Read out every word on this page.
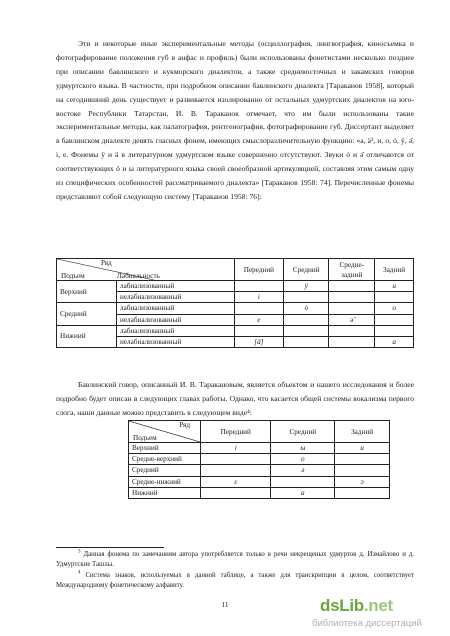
Эти и некоторые иные экспериментальные методы (осциллография, лингвография, киносъемка и фотографирование положения губ в анфас и профиль) были использованы фонетистами несколько позднее при описании бавлинского и кукморского диалектов, а также средневосточных и закамских говоров удмуртского языка. В частности, при подробном описании бавлинского диалекта [Тараканов 1958], который на сегодняшний день существует и развивается изолированно от остальных удмуртских диалектов на юго-востоке Республики Татарстан, И. В. Тараканов отмечает, что им были использованы такие экспериментальные методы, как палатография, рентгенография, фотографирование губ. Диссертант выделяет в бавлинском диалекте девять гласных фонем, имеющих смыслоразличительную функцию: «а, ӓ³, и, о, ȯ, ӱ, ə̂, і, е. Фонемы ӱ и ӓ в литературном удмуртском языке совершенно отсутствуют. Звуки ȯ и ə̂ отличаются от соответствующих ö и ы литературного языка своей своеобразной артикуляцией, составляя этим самым одну из специфических особенностей рассматриваемого диалекта» [Тараканов 1958: 74]. Перечисленные фонемы представляют собой следующую систему [Тараканов 1958: 76]:

Ряд
Подъем Лабиальность		Передний	Средний	Средне-
задний	Задний
Верхний	лабиализованный		ӱ		u
	нелабиализованный	i			
Средний	лабиализованный		ȯ		o
	нелабиализованный	e		ə̂	
Нижний	лабиализованный				
	нелабиализованный	[ӓ]			a

Бавлинский говор, описанный И. В. Таракановым, является объектом и нашего исследования и более подробно будет описан в следующих главах работы. Однако, что касается общей системы вокализма первого слога, наши данные можно представить в следующем виде⁴:

Ряд
Подъем	Передний	Средний	Задний
Верхний	i	ы	u
Средне-верхний		о	
Средний		ə	
Средне-нижний	ɛ		ɔ
Нижний		a	

$^3$ Данная фонема по замечаниям автора употребляется только в речи некрещеных удмуртов д. Измайлово и д. Удмуртские Ташлы.

$^4$ Система знаков, используемых в данной таблице, а также для транскрипции в целом, соответствует Международному фонетическому алфавиту.

11	dsLib.net
библиотека диссертаций
